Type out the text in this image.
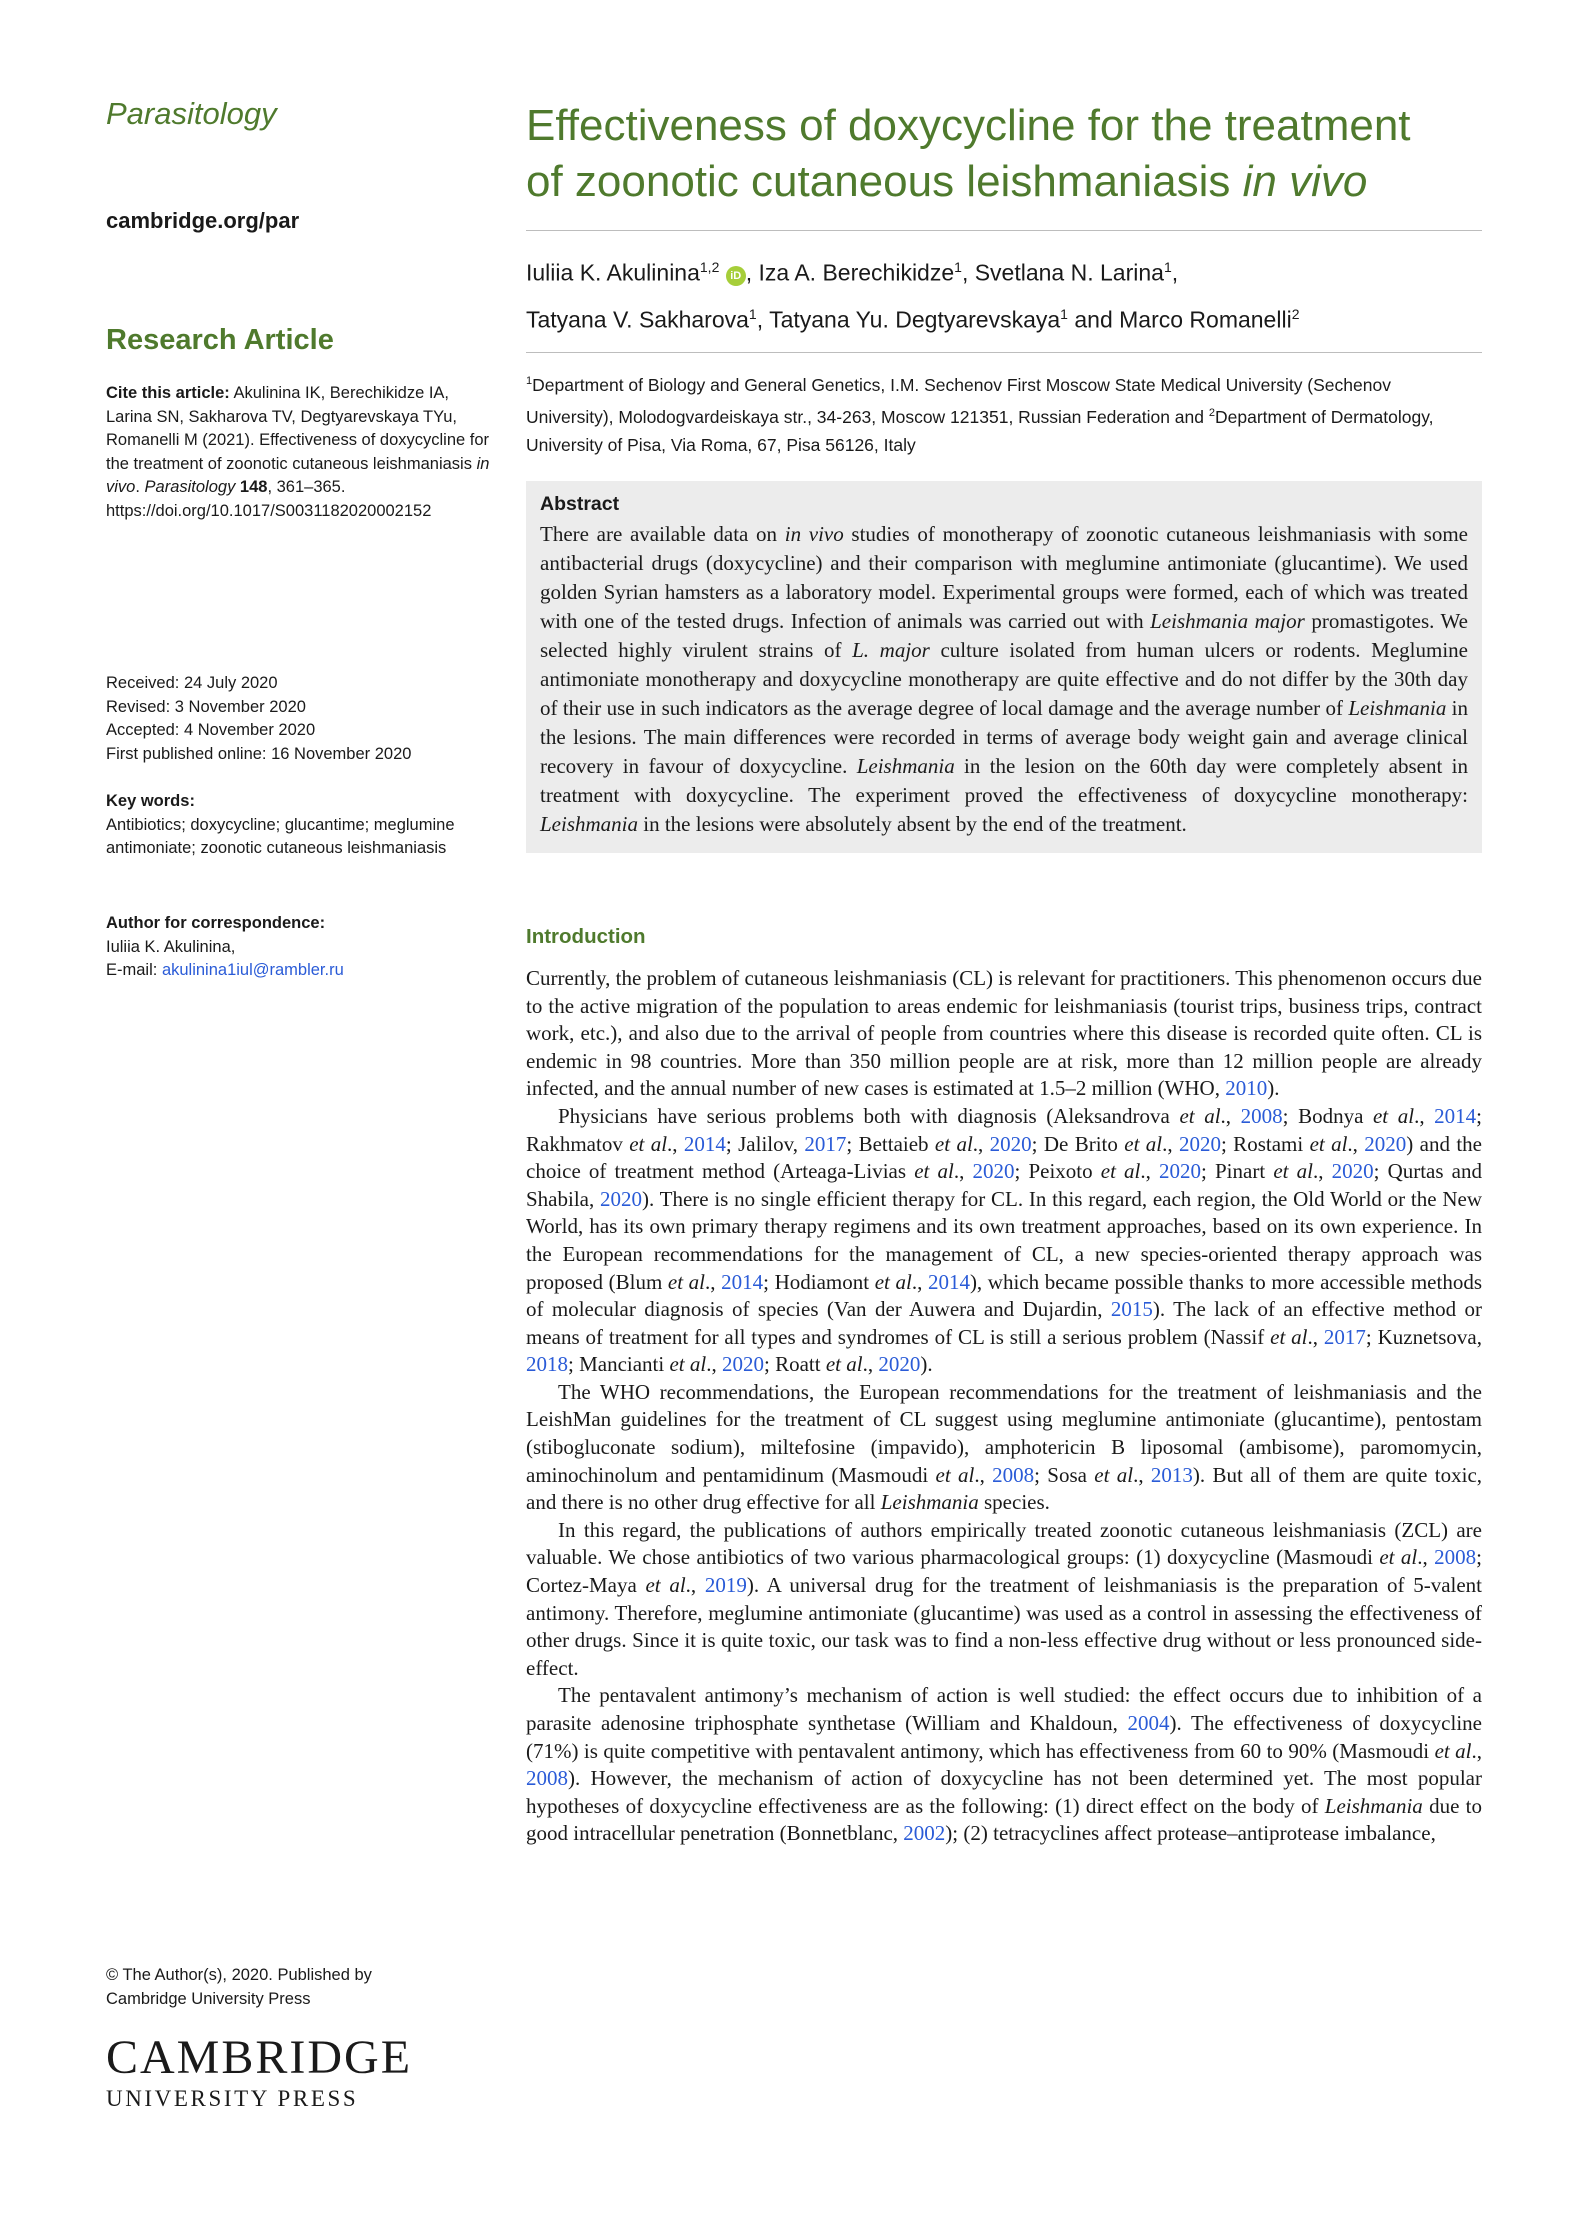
Parasitology
cambridge.org/par
Research Article
Cite this article: Akulinina IK, Berechikidze IA, Larina SN, Sakharova TV, Degtyarevskaya TYu, Romanelli M (2021). Effectiveness of doxycycline for the treatment of zoonotic cutaneous leishmaniasis in vivo. Parasitology 148, 361–365. https://doi.org/10.1017/S0031182020002152
Received: 24 July 2020
Revised: 3 November 2020
Accepted: 4 November 2020
First published online: 16 November 2020
Key words:
Antibiotics; doxycycline; glucantime; meglumine antimoniate; zoonotic cutaneous leishmaniasis
Author for correspondence:
Iuliia K. Akulinina,
E-mail: akulinina1iul@rambler.ru
© The Author(s), 2020. Published by
Cambridge University Press
CAMBRIDGE
UNIVERSITY PRESS
Effectiveness of doxycycline for the treatment
of zoonotic cutaneous leishmaniasis in vivo
Iuliia K. Akulinina$^{1,2}$ iD , Iza A. Berechikidze$^1$, Svetlana N. Larina$^1$,
Tatyana V. Sakharova$^1$, Tatyana Yu. Degtyarevskaya$^1$ and Marco Romanelli$^2$
$^1$Department of Biology and General Genetics, I.M. Sechenov First Moscow State Medical University (Sechenov University), Molodogvardeiskaya str., 34-263, Moscow 121351, Russian Federation and $^2$Department of Dermatology, University of Pisa, Via Roma, 67, Pisa 56126, Italy
Abstract
There are available data on in vivo studies of monotherapy of zoonotic cutaneous leishmaniasis with some antibacterial drugs (doxycycline) and their comparison with meglumine antimoniate (glucantime). We used golden Syrian hamsters as a laboratory model. Experimental groups were formed, each of which was treated with one of the tested drugs. Infection of animals was carried out with Leishmania major promastigotes. We selected highly virulent strains of L. major culture isolated from human ulcers or rodents. Meglumine antimoniate monotherapy and doxycycline monotherapy are quite effective and do not differ by the 30th day of their use in such indicators as the average degree of local damage and the average number of Leishmania in the lesions. The main differences were recorded in terms of average body weight gain and average clinical recovery in favour of doxycycline. Leishmania in the lesion on the 60th day were completely absent in treatment with doxycycline. The experiment proved the effectiveness of doxycycline monotherapy: Leishmania in the lesions were absolutely absent by the end of the treatment.
Introduction

Currently, the problem of cutaneous leishmaniasis (CL) is relevant for practitioners. This phenomenon occurs due to the active migration of the population to areas endemic for leishmaniasis (tourist trips, business trips, contract work, etc.), and also due to the arrival of people from countries where this disease is recorded quite often. CL is endemic in 98 countries. More than 350 million people are at risk, more than 12 million people are already infected, and the annual number of new cases is estimated at 1.5–2 million (WHO, 2010).

Physicians have serious problems both with diagnosis (Aleksandrova et al., 2008; Bodnya et al., 2014; Rakhmatov et al., 2014; Jalilov, 2017; Bettaieb et al., 2020; De Brito et al., 2020; Rostami et al., 2020) and the choice of treatment method (Arteaga-Livias et al., 2020; Peixoto et al., 2020; Pinart et al., 2020; Qurtas and Shabila, 2020). There is no single efficient therapy for CL. In this regard, each region, the Old World or the New World, has its own primary therapy regimens and its own treatment approaches, based on its own experience. In the European recommendations for the management of CL, a new species-oriented therapy approach was proposed (Blum et al., 2014; Hodiamont et al., 2014), which became possible thanks to more accessible methods of molecular diagnosis of species (Van der Auwera and Dujardin, 2015). The lack of an effective method or means of treatment for all types and syndromes of CL is still a serious problem (Nassif et al., 2017; Kuznetsova, 2018; Mancianti et al., 2020; Roatt et al., 2020).

The WHO recommendations, the European recommendations for the treatment of leishmaniasis and the LeishMan guidelines for the treatment of CL suggest using meglumine antimoniate (glucantime), pentostam (stibogluconate sodium), miltefosine (impavido), amphotericin B liposomal (ambisome), paromomycin, aminochinolum and pentamidinum (Masmoudi et al., 2008; Sosa et al., 2013). But all of them are quite toxic, and there is no other drug effective for all Leishmania species.

In this regard, the publications of authors empirically treated zoonotic cutaneous leishmaniasis (ZCL) are valuable. We chose antibiotics of two various pharmacological groups: (1) doxycycline (Masmoudi et al., 2008; Cortez-Maya et al., 2019). A universal drug for the treatment of leishmaniasis is the preparation of 5-valent antimony. Therefore, meglumine antimoniate (glucantime) was used as a control in assessing the effectiveness of other drugs. Since it is quite toxic, our task was to find a non-less effective drug without or less pronounced side-effect.

The pentavalent antimony’s mechanism of action is well studied: the effect occurs due to inhibition of a parasite adenosine triphosphate synthetase (William and Khaldoun, 2004). The effectiveness of doxycycline (71%) is quite competitive with pentavalent antimony, which has effectiveness from 60 to 90% (Masmoudi et al., 2008). However, the mechanism of action of doxycycline has not been determined yet. The most popular hypotheses of doxycycline effectiveness are as the following: (1) direct effect on the body of Leishmania due to good intracellular penetration (Bonnetblanc, 2002); (2) tetracyclines affect protease–antiprotease imbalance,
